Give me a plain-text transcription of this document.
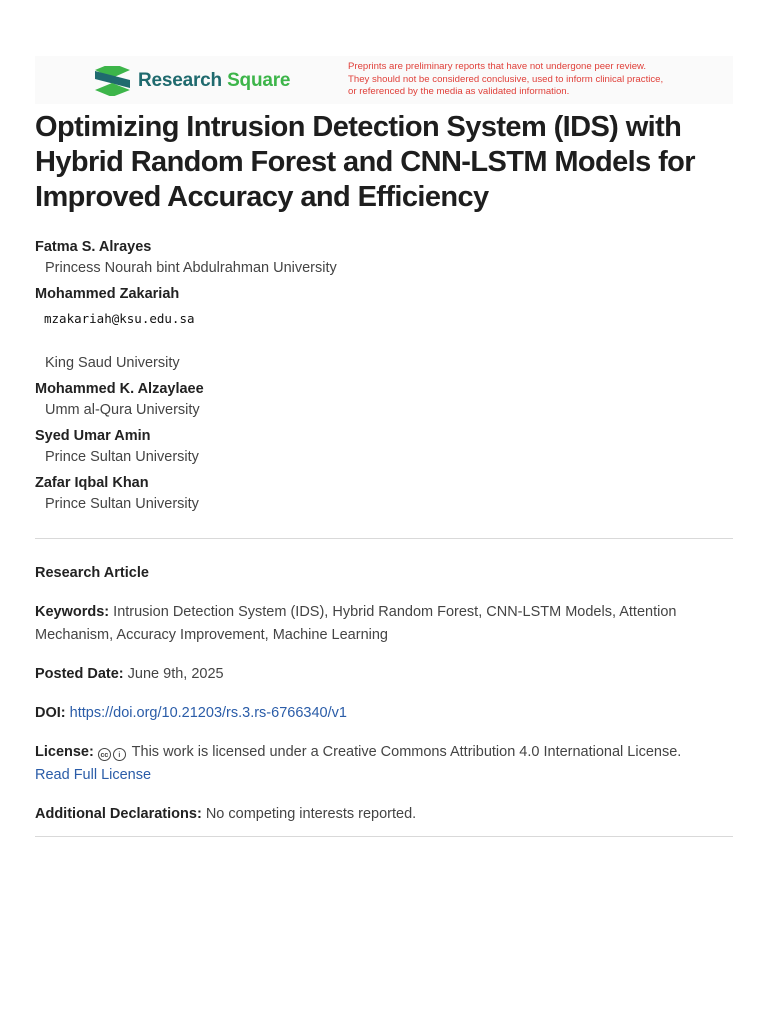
Research Square
Preprints are preliminary reports that have not undergone peer review.
They should not be considered conclusive, used to inform clinical practice,
or referenced by the media as validated information.
Optimizing Intrusion Detection System (IDS) with Hybrid Random Forest and CNN-LSTM Models for Improved Accuracy and Efficiency
Fatma S. Alrayes
Princess Nourah bint Abdulrahman University
Mohammed Zakariah
mzakariah@ksu.edu.sa
King Saud University
Mohammed K. Alzaylaee
Umm al-Qura University
Syed Umar Amin
Prince Sultan University
Zafar Iqbal Khan
Prince Sultan University
Research Article
Keywords: Intrusion Detection System (IDS), Hybrid Random Forest, CNN-LSTM Models, Attention Mechanism, Accuracy Improvement, Machine Learning
Posted Date: June 9th, 2025
DOI: https://doi.org/10.21203/rs.3.rs-6766340/v1
License: cc i This work is licensed under a Creative Commons Attribution 4.0 International License.
Read Full License
Additional Declarations: No competing interests reported.
